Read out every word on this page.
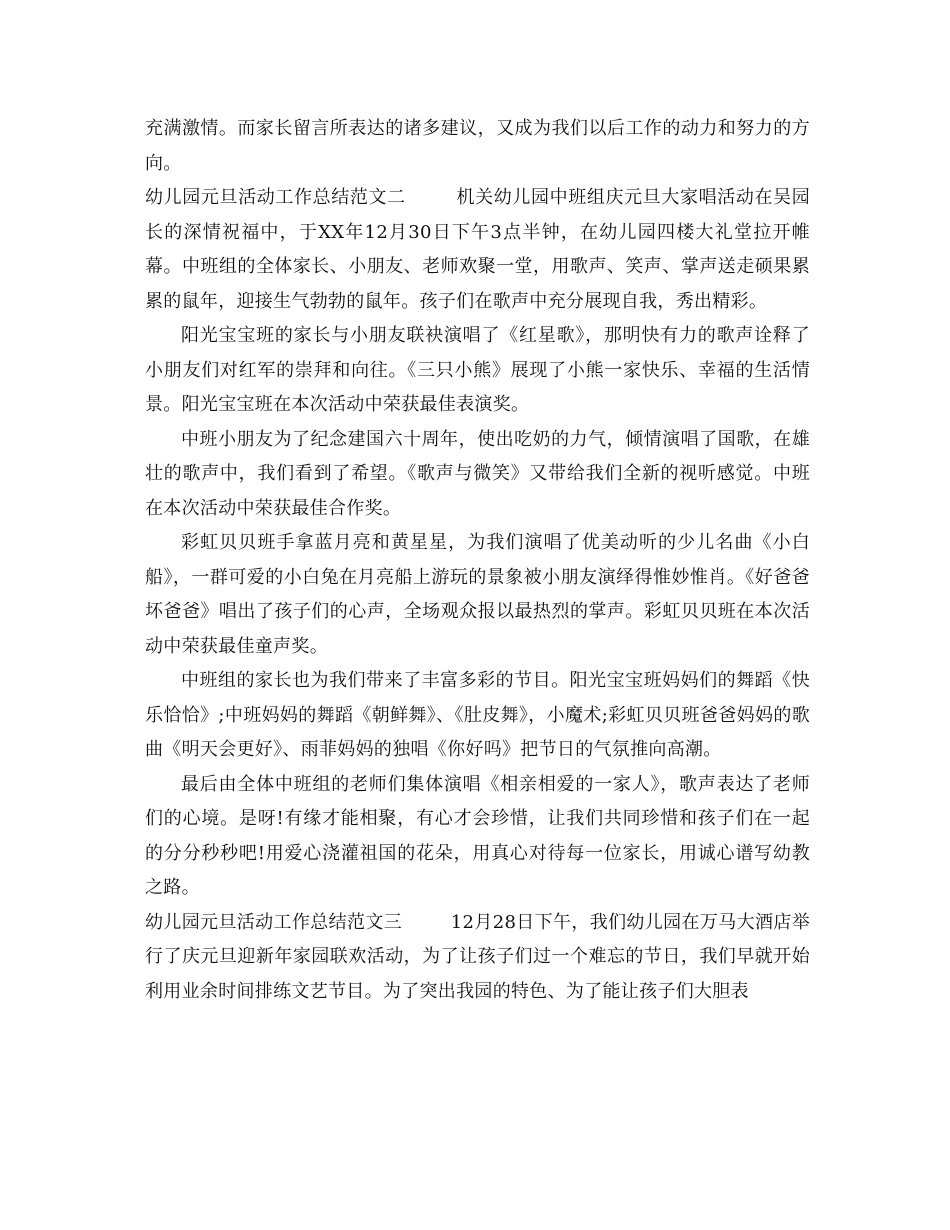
充满激情。而家长留言所表达的诸多建议，又成为我们以后工作的动力和努力的方向。

幼儿园元旦活动工作总结范文二	机关幼儿园中班组庆元旦大家唱活动在吴园长的深情祝福中，于XX年12月30日下午3点半钟，在幼儿园四楼大礼堂拉开帷幕。中班组的全体家长、小朋友、老师欢聚一堂，用歌声、笑声、掌声送走硕果累累的鼠年，迎接生气勃勃的鼠年。孩子们在歌声中充分展现自我，秀出精彩。

阳光宝宝班的家长与小朋友联袂演唱了《红星歌》，那明快有力的歌声诠释了小朋友们对红军的崇拜和向往。《三只小熊》展现了小熊一家快乐、幸福的生活情景。阳光宝宝班在本次活动中荣获最佳表演奖。

中班小朋友为了纪念建国六十周年，使出吃奶的力气，倾情演唱了国歌，在雄壮的歌声中，我们看到了希望。《歌声与微笑》又带给我们全新的视听感觉。中班在本次活动中荣获最佳合作奖。

彩虹贝贝班手拿蓝月亮和黄星星，为我们演唱了优美动听的少儿名曲《小白船》，一群可爱的小白兔在月亮船上游玩的景象被小朋友演绎得惟妙惟肖。《好爸爸坏爸爸》唱出了孩子们的心声，全场观众报以最热烈的掌声。彩虹贝贝班在本次活动中荣获最佳童声奖。

中班组的家长也为我们带来了丰富多彩的节目。阳光宝宝班妈妈们的舞蹈《快乐恰恰》;中班妈妈的舞蹈《朝鲜舞》、《肚皮舞》，小魔术;彩虹贝贝班爸爸妈妈的歌曲《明天会更好》、雨菲妈妈的独唱《你好吗》把节日的气氛推向高潮。

最后由全体中班组的老师们集体演唱《相亲相爱的一家人》，歌声表达了老师们的心境。是呀!有缘才能相聚，有心才会珍惜，让我们共同珍惜和孩子们在一起的分分秒秒吧!用爱心浇灌祖国的花朵，用真心对待每一位家长，用诚心谱写幼教之路。

幼儿园元旦活动工作总结范文三	12月28日下午，我们幼儿园在万马大酒店举行了庆元旦迎新年家园联欢活动，为了让孩子们过一个难忘的节日，我们早就开始利用业余时间排练文艺节目。为了突出我园的特色、为了能让孩子们大胆表
